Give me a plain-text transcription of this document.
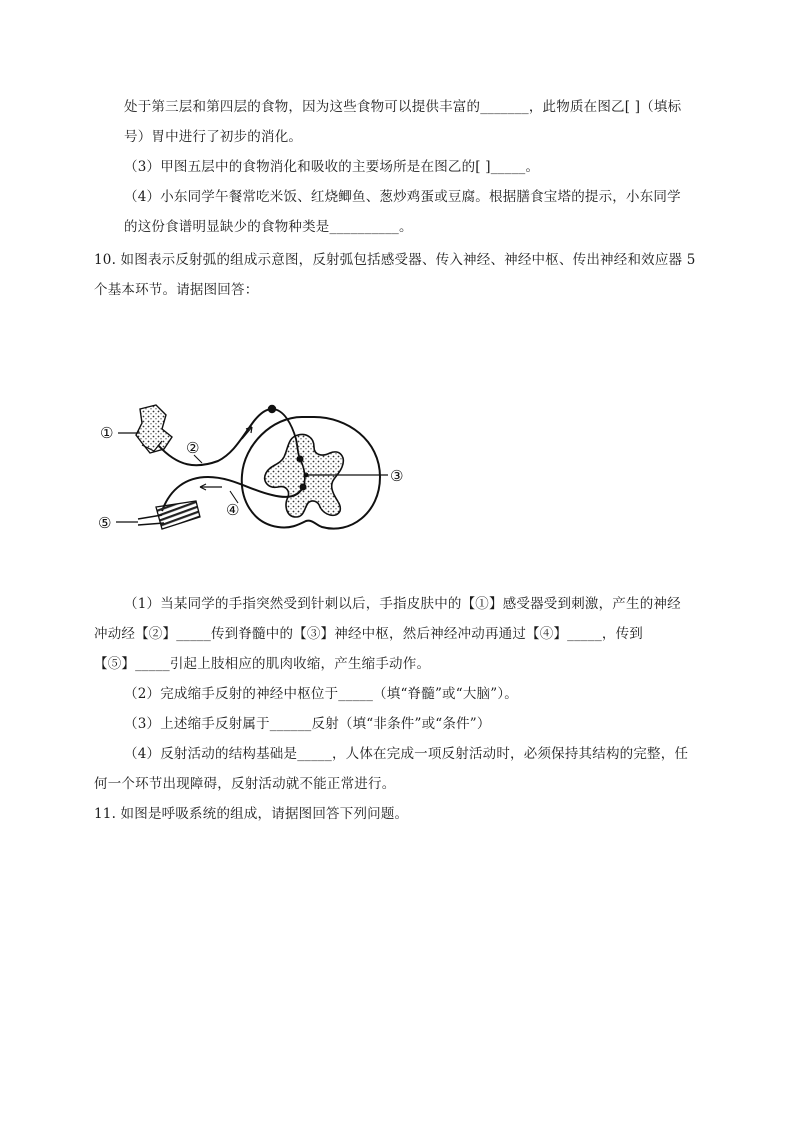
处于第三层和第四层的食物，因为这些食物可以提供丰富的_______，此物质在图乙[ ]（填标
号）胃中进行了初步的消化。
（3）甲图五层中的食物消化和吸收的主要场所是在图乙的[ ]_____。
（4）小东同学午餐常吃米饭、红烧鲫鱼、葱炒鸡蛋或豆腐。根据膳食宝塔的提示，小东同学
的这份食谱明显缺少的食物种类是__________。
10. 如图表示反射弧的组成示意图，反射弧包括感受器、传入神经、神经中枢、传出神经和效应器 5
个基本环节。请据图回答：
①
②
③
④
⑤
（1）当某同学的手指突然受到针刺以后，手指皮肤中的【①】感受器受到刺激，产生的神经
冲动经【②】_____传到脊髓中的【③】神经中枢，然后神经冲动再通过【④】_____，传到
【⑤】_____引起上肢相应的肌肉收缩，产生缩手动作。
（2）完成缩手反射的神经中枢位于_____（填“脊髓”或“大脑”）。
（3）上述缩手反射属于______反射（填“非条件”或“条件”）
（4）反射活动的结构基础是_____，人体在完成一项反射活动时，必须保持其结构的完整，任
何一个环节出现障碍，反射活动就不能正常进行。
11. 如图是呼吸系统的组成，请据图回答下列问题。
